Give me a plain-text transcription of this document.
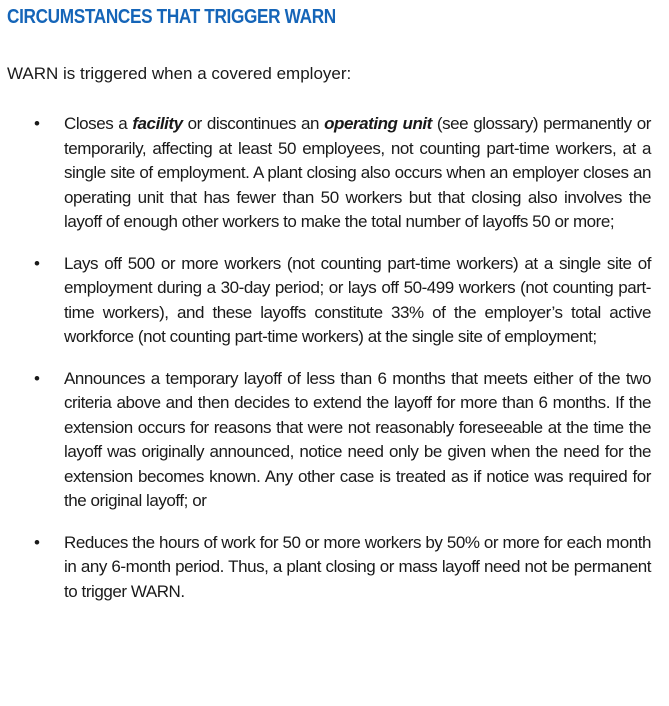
CIRCUMSTANCES THAT TRIGGER WARN

WARN is triggered when a covered employer:

• Closes a facility or discontinues an operating unit (see glossary) permanently or temporarily, affecting at least 50 employees, not counting part-time workers, at a single site of employment. A plant closing also occurs when an employer closes an operating unit that has fewer than 50 workers but that closing also involves the layoff of enough other workers to make the total number of layoffs 50 or more;
• Lays off 500 or more workers (not counting part-time workers) at a single site of employment during a 30-day period; or lays off 50-499 workers (not counting part-time workers), and these layoffs constitute 33% of the employer’s total active workforce (not counting part-time workers) at the single site of employment;
• Announces a temporary layoff of less than 6 months that meets either of the two criteria above and then decides to extend the layoff for more than 6 months. If the extension occurs for reasons that were not reasonably foreseeable at the time the layoff was originally announced, notice need only be given when the need for the extension becomes known. Any other case is treated as if notice was required for the original layoff; or
• Reduces the hours of work for 50 or more workers by 50% or more for each month in any 6-month period. Thus, a plant closing or mass layoff need not be permanent to trigger WARN.
